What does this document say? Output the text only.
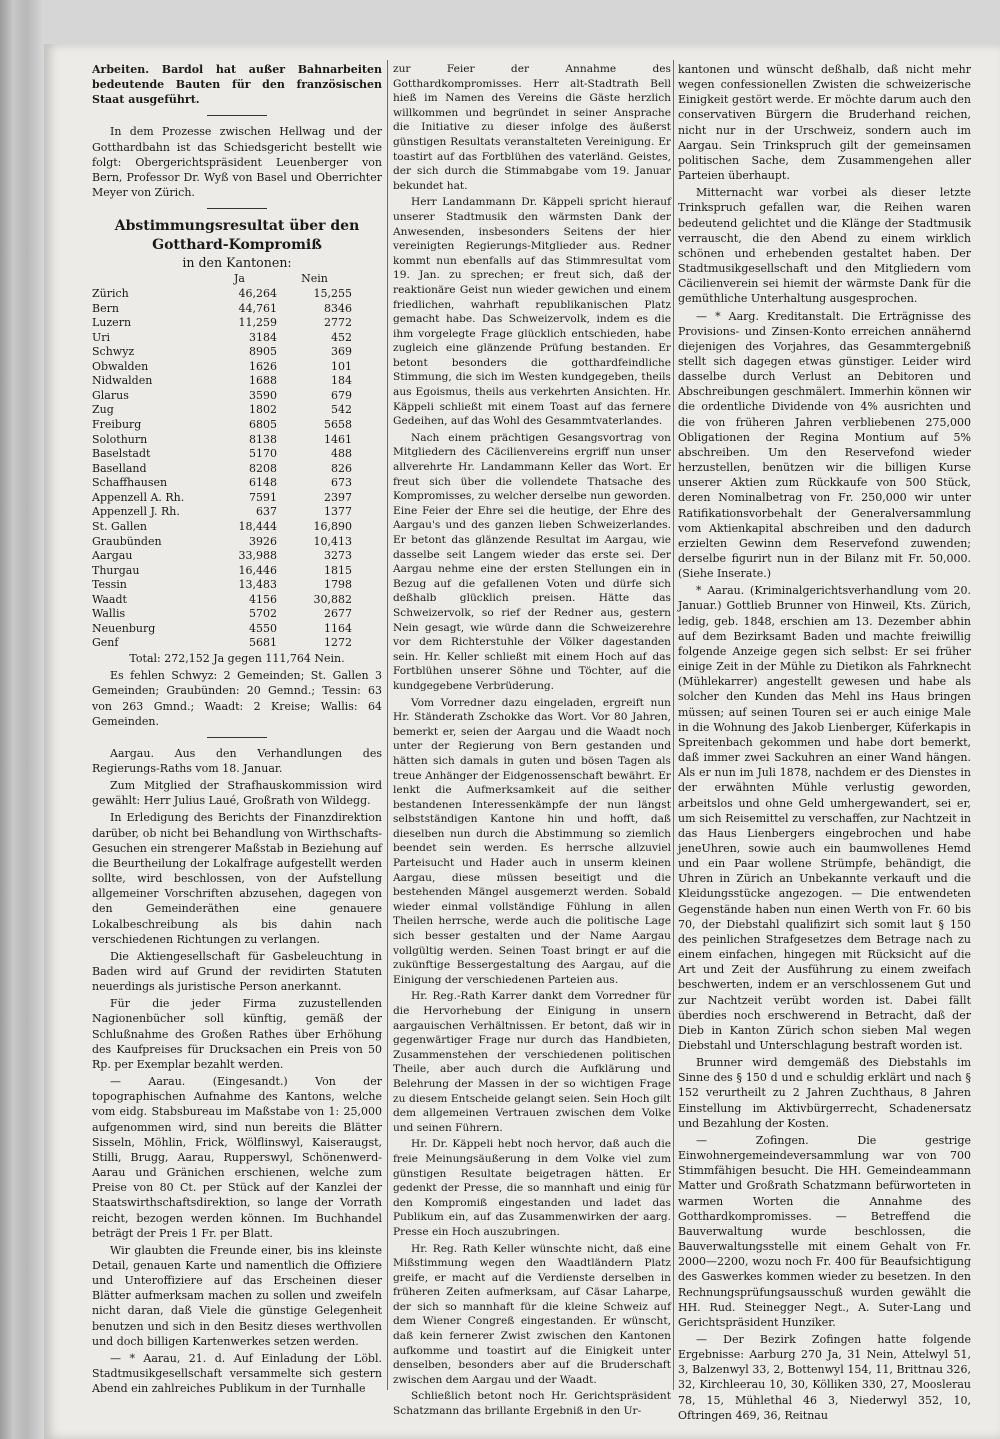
Arbeiten. Bardol hat außer Bahnarbeiten bedeutende Bauten für den französischen Staat ausgeführt.

In dem Prozesse zwischen Hellwag und der Gotthardbahn ist das Schiedsgericht bestellt wie folgt: Obergerichtspräsident Leuenberger von Bern, Professor Dr. Wyß von Basel und Oberrichter Meyer von Zürich.

Abstimmungsresultat über den Gotthard-Kompromiß
in den Kantonen:
	Ja	Nein
Zürich	46,264	15,255
Bern	44,761	8346
Luzern	11,259	2772
Uri	3184	452
Schwyz	8905	369
Obwalden	1626	101
Nidwalden	1688	184
Glarus	3590	679
Zug	1802	542
Freiburg	6805	5658
Solothurn	8138	1461
Baselstadt	5170	488
Baselland	8208	826
Schaffhausen	6148	673
Appenzell A. Rh.	7591	2397
Appenzell J. Rh.	637	1377
St. Gallen	18,444	16,890
Graubünden	3926	10,413
Aargau	33,988	3273
Thurgau	16,446	1815
Tessin	13,483	1798
Waadt	4156	30,882
Wallis	5702	2677
Neuenburg	4550	1164
Genf	5681	1272

Total: 272,152 Ja gegen 111,764 Nein.

Es fehlen Schwyz: 2 Gemeinden; St. Gallen 3 Gemeinden; Graubünden: 20 Gemnd.; Tessin: 63 von 263 Gmnd.; Waadt: 2 Kreise; Wallis: 64 Gemeinden.

Aargau. Aus den Verhandlungen des Regierungs-Raths vom 18. Januar.

Zum Mitglied der Strafhauskommission wird gewählt: Herr Julius Laué, Großrath von Wildegg.

In Erledigung des Berichts der Finanzdirektion darüber, ob nicht bei Behandlung von Wirthschafts-Gesuchen ein strengerer Maßstab in Beziehung auf die Beurtheilung der Lokalfrage aufgestellt werden sollte, wird beschlossen, von der Aufstellung allgemeiner Vorschriften abzusehen, dagegen von den Gemeinderäthen eine genauere Lokalbeschreibung als bis dahin nach verschiedenen Richtungen zu verlangen.

Die Aktiengesellschaft für Gasbeleuchtung in Baden wird auf Grund der revidirten Statuten neuerdings als juristische Person anerkannt.

Für die jeder Firma zuzustellenden Nagionenbücher soll künftig, gemäß der Schlußnahme des Großen Rathes über Erhöhung des Kaufpreises für Drucksachen ein Preis von 50 Rp. per Exemplar bezahlt werden.

— Aarau. (Eingesandt.) Von der topographischen Aufnahme des Kantons, welche vom eidg. Stabsbureau im Maßstabe von 1: 25,000 aufgenommen wird, sind nun bereits die Blätter Sisseln, Möhlin, Frick, Wölflinswyl, Kaiseraugst, Stilli, Brugg, Aarau, Rupperswyl, Schönenwerd-Aarau und Gränichen erschienen, welche zum Preise von 80 Ct. per Stück auf der Kanzlei der Staatswirthschaftsdirektion, so lange der Vorrath reicht, bezogen werden können. Im Buchhandel beträgt der Preis 1 Fr. per Blatt.

Wir glaubten die Freunde einer, bis ins kleinste Detail, genauen Karte und namentlich die Offiziere und Unteroffiziere auf das Erscheinen dieser Blätter aufmerksam machen zu sollen und zweifeln nicht daran, daß Viele die günstige Gelegenheit benutzen und sich in den Besitz dieses werthvollen und doch billigen Kartenwerkes setzen werden.

— * Aarau, 21. d. Auf Einladung der Löbl. Stadtmusikgesellschaft versammelte sich gestern Abend ein zahlreiches Publikum in der Turnhalle

zur Feier der Annahme des Gotthardkompromisses. Herr alt-Stadtrath Bell hieß im Namen des Vereins die Gäste herzlich willkommen und begründet in seiner Ansprache die Initiative zu dieser infolge des äußerst günstigen Resultats veranstalteten Vereinigung. Er toastirt auf das Fortblühen des vaterländ. Geistes, der sich durch die Stimmabgabe vom 19. Januar bekundet hat.

Herr Landammann Dr. Käppeli spricht hierauf unserer Stadtmusik den wärmsten Dank der Anwesenden, insbesonders Seitens der hier vereinigten Regierungs-Mitglieder aus. Redner kommt nun ebenfalls auf das Stimmresultat vom 19. Jan. zu sprechen; er freut sich, daß der reaktionäre Geist nun wieder gewichen und einem friedlichen, wahrhaft republikanischen Platz gemacht habe. Das Schweizervolk, indem es die ihm vorgelegte Frage glücklich entschieden, habe zugleich eine glänzende Prüfung bestanden. Er betont besonders die gotthardfeindliche Stimmung, die sich im Westen kundgegeben, theils aus Egoismus, theils aus verkehrten Ansichten. Hr. Käppeli schließt mit einem Toast auf das fernere Gedeihen, auf das Wohl des Gesammtvaterlandes.

Nach einem prächtigen Gesangsvortrag von Mitgliedern des Cäcilienvereins ergriff nun unser allverehrte Hr. Landammann Keller das Wort. Er freut sich über die vollendete Thatsache des Kompromisses, zu welcher derselbe nun geworden. Eine Feier der Ehre sei die heutige, der Ehre des Aargau's und des ganzen lieben Schweizerlandes. Er betont das glänzende Resultat im Aargau, wie dasselbe seit Langem wieder das erste sei. Der Aargau nehme eine der ersten Stellungen ein in Bezug auf die gefallenen Voten und dürfe sich deßhalb glücklich preisen. Hätte das Schweizervolk, so rief der Redner aus, gestern Nein gesagt, wie würde dann die Schweizerehre vor dem Richterstuhle der Völker dagestanden sein. Hr. Keller schließt mit einem Hoch auf das Fortblühen unserer Söhne und Töchter, auf die kundgegebene Verbrüderung.

Vom Vorredner dazu eingeladen, ergreift nun Hr. Ständerath Zschokke das Wort. Vor 80 Jahren, bemerkt er, seien der Aargau und die Waadt noch unter der Regierung von Bern gestanden und hätten sich damals in guten und bösen Tagen als treue Anhänger der Eidgenossenschaft bewährt. Er lenkt die Aufmerksamkeit auf die seither bestandenen Interessenkämpfe der nun längst selbstständigen Kantone hin und hofft, daß dieselben nun durch die Abstimmung so ziemlich beendet sein werden. Es herrsche allzuviel Parteisucht und Hader auch in unserm kleinen Aargau, diese müssen beseitigt und die bestehenden Mängel ausgemerzt werden. Sobald wieder einmal vollständige Fühlung in allen Theilen herrsche, werde auch die politische Lage sich besser gestalten und der Name Aargau vollgültig werden. Seinen Toast bringt er auf die zukünftige Bessergestaltung des Aargau, auf die Einigung der verschiedenen Parteien aus.

Hr. Reg.-Rath Karrer dankt dem Vorredner für die Hervorhebung der Einigung in unsern aargauischen Verhältnissen. Er betont, daß wir in gegenwärtiger Frage nur durch das Handbieten, Zusammenstehen der verschiedenen politischen Theile, aber auch durch die Aufklärung und Belehrung der Massen in der so wichtigen Frage zu diesem Entscheide gelangt seien. Sein Hoch gilt dem allgemeinen Vertrauen zwischen dem Volke und seinen Führern.

Hr. Dr. Käppeli hebt noch hervor, daß auch die freie Meinungsäußerung in dem Volke viel zum günstigen Resultate beigetragen hätten. Er gedenkt der Presse, die so mannhaft und einig für den Kompromiß eingestanden und ladet das Publikum ein, auf das Zusammenwirken der aarg. Presse ein Hoch auszubringen.

Hr. Reg. Rath Keller wünschte nicht, daß eine Mißstimmung wegen den Waadtländern Platz greife, er macht auf die Verdienste derselben in früheren Zeiten aufmerksam, auf Cäsar Laharpe, der sich so mannhaft für die kleine Schweiz auf dem Wiener Congreß eingestanden. Er wünscht, daß kein fernerer Zwist zwischen den Kantonen aufkomme und toastirt auf die Einigkeit unter denselben, besonders aber auf die Bruderschaft zwischen dem Aargau und der Waadt.

Schließlich betont noch Hr. Gerichtspräsident Schatzmann das brillante Ergebniß in den Ur-

kantonen und wünscht deßhalb, daß nicht mehr wegen confessionellen Zwisten die schweizerische Einigkeit gestört werde. Er möchte darum auch den conservativen Bürgern die Bruderhand reichen, nicht nur in der Urschweiz, sondern auch im Aargau. Sein Trinkspruch gilt der gemeinsamen politischen Sache, dem Zusammengehen aller Parteien überhaupt.

Mitternacht war vorbei als dieser letzte Trinkspruch gefallen war, die Reihen waren bedeutend gelichtet und die Klänge der Stadtmusik verrauscht, die den Abend zu einem wirklich schönen und erhebenden gestaltet haben. Der Stadtmusikgesellschaft und den Mitgliedern vom Cäcilienverein sei hiemit der wärmste Dank für die gemüthliche Unterhaltung ausgesprochen.

— * Aarg. Kreditanstalt. Die Erträgnisse des Provisions- und Zinsen-Konto erreichen annähernd diejenigen des Vorjahres, das Gesammtergebniß stellt sich dagegen etwas günstiger. Leider wird dasselbe durch Verlust an Debitoren und Abschreibungen geschmälert. Immerhin können wir die ordentliche Dividende von 4% ausrichten und die von früheren Jahren verbliebenen 275,000 Obligationen der Regina Montium auf 5% abschreiben. Um den Reservefond wieder herzustellen, benützen wir die billigen Kurse unserer Aktien zum Rückkaufe von 500 Stück, deren Nominalbetrag von Fr. 250,000 wir unter Ratifikationsvorbehalt der Generalversammlung vom Aktienkapital abschreiben und den dadurch erzielten Gewinn dem Reservefond zuwenden; derselbe figurirt nun in der Bilanz mit Fr. 50,000. (Siehe Inserate.)

* Aarau. (Kriminalgerichtsverhandlung vom 20. Januar.) Gottlieb Brunner von Hinweil, Kts. Zürich, ledig, geb. 1848, erschien am 13. Dezember abhin auf dem Bezirksamt Baden und machte freiwillig folgende Anzeige gegen sich selbst: Er sei früher einige Zeit in der Mühle zu Dietikon als Fahrknecht (Mühlekarrer) angestellt gewesen und habe als solcher den Kunden das Mehl ins Haus bringen müssen; auf seinen Touren sei er auch einige Male in die Wohnung des Jakob Lienberger, Küferkapis in Spreitenbach gekommen und habe dort bemerkt, daß immer zwei Sackuhren an einer Wand hängen. Als er nun im Juli 1878, nachdem er des Dienstes in der erwähnten Mühle verlustig geworden, arbeitslos und ohne Geld umhergewandert, sei er, um sich Reisemittel zu verschaffen, zur Nachtzeit in das Haus Lienbergers eingebrochen und habe jeneUhren, sowie auch ein baumwollenes Hemd und ein Paar wollene Strümpfe, behändigt, die Uhren in Zürich an Unbekannte verkauft und die Kleidungsstücke angezogen. — Die entwendeten Gegenstände haben nun einen Werth von Fr. 60 bis 70, der Diebstahl qualifizirt sich somit laut § 150 des peinlichen Strafgesetzes dem Betrage nach zu einem einfachen, hingegen mit Rücksicht auf die Art und Zeit der Ausführung zu einem zweifach beschwerten, indem er an verschlossenem Gut und zur Nachtzeit verübt worden ist. Dabei fällt überdies noch erschwerend in Betracht, daß der Dieb in Kanton Zürich schon sieben Mal wegen Diebstahl und Unterschlagung bestraft worden ist.

Brunner wird demgemäß des Diebstahls im Sinne des § 150 d und e schuldig erklärt und nach § 152 verurtheilt zu 2 Jahren Zuchthaus, 8 Jahren Einstellung im Aktivbürgerrecht, Schadenersatz und Bezahlung der Kosten.

— Zofingen. Die gestrige Einwohnergemeindeversammlung war von 700 Stimmfähigen besucht. Die HH. Gemeindeammann Matter und Großrath Schatzmann befürworteten in warmen Worten die Annahme des Gotthardkompromisses. — Betreffend die Bauverwaltung wurde beschlossen, die Bauverwaltungsstelle mit einem Gehalt von Fr. 2000—2200, wozu noch Fr. 400 für Beaufsichtigung des Gaswerkes kommen wieder zu besetzen. In den Rechnungsprüfungsausschuß wurden gewählt die HH. Rud. Steinegger Negt., A. Suter-Lang und Gerichtspräsident Hunziker.

— Der Bezirk Zofingen hatte folgende Ergebnisse: Aarburg 270 Ja, 31 Nein, Attelwyl 51, 3, Balzenwyl 33, 2, Bottenwyl 154, 11, Brittnau 326, 32, Kirchleerau 10, 30, Kölliken 330, 27, Mooslerau 78, 15, Mühlethal 46 3, Niederwyl 352, 10, Oftringen 469, 36, Reitnau
